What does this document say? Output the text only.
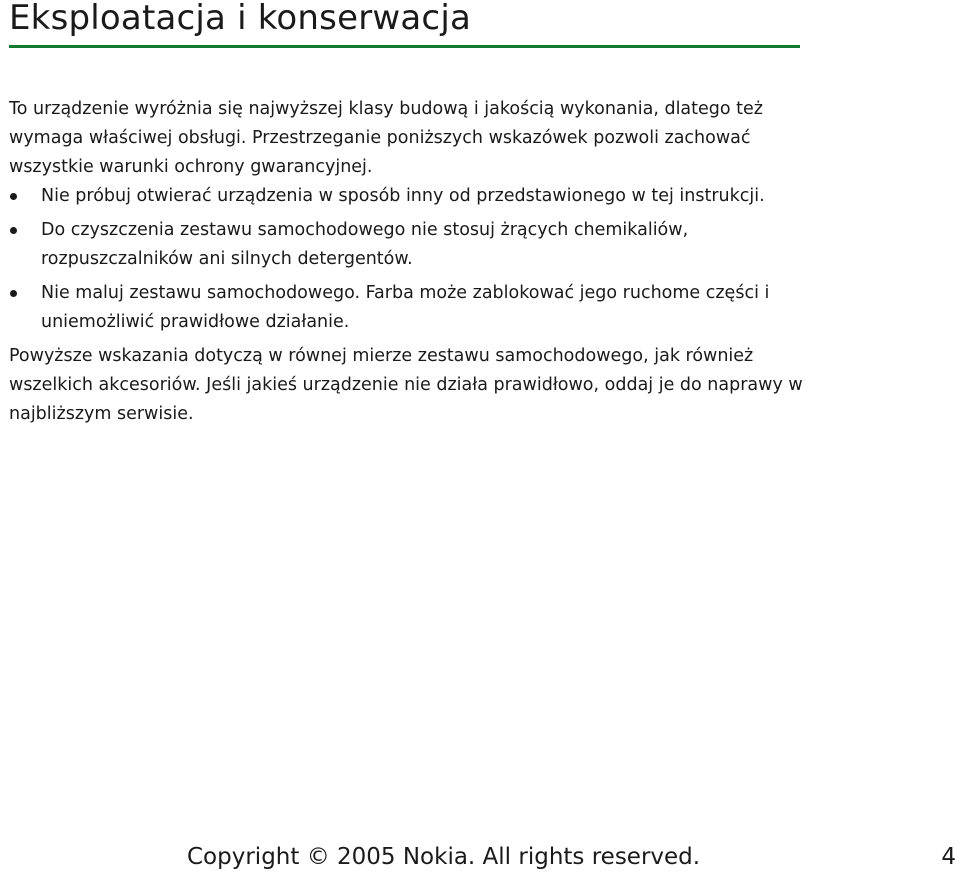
Eksploatacja i konserwacja

To urządzenie wyróżnia się najwyższej klasy budową i jakością wykonania, dlatego też wymaga właściwej obsługi. Przestrzeganie poniższych wskazówek pozwoli zachować wszystkie warunki ochrony gwarancyjnej.

Nie próbuj otwierać urządzenia w sposób inny od przedstawionego w tej instrukcji.
Do czyszczenia zestawu samochodowego nie stosuj żrących chemikaliów, rozpuszczalników ani silnych detergentów.
Nie maluj zestawu samochodowego. Farba może zablokować jego ruchome części i uniemożliwić prawidłowe działanie.

Powyższe wskazania dotyczą w równej mierze zestawu samochodowego, jak również wszelkich akcesoriów. Jeśli jakieś urządzenie nie działa prawidłowo, oddaj je do naprawy w najbliższym serwisie.

Copyright © 2005 Nokia. All rights reserved.	4
